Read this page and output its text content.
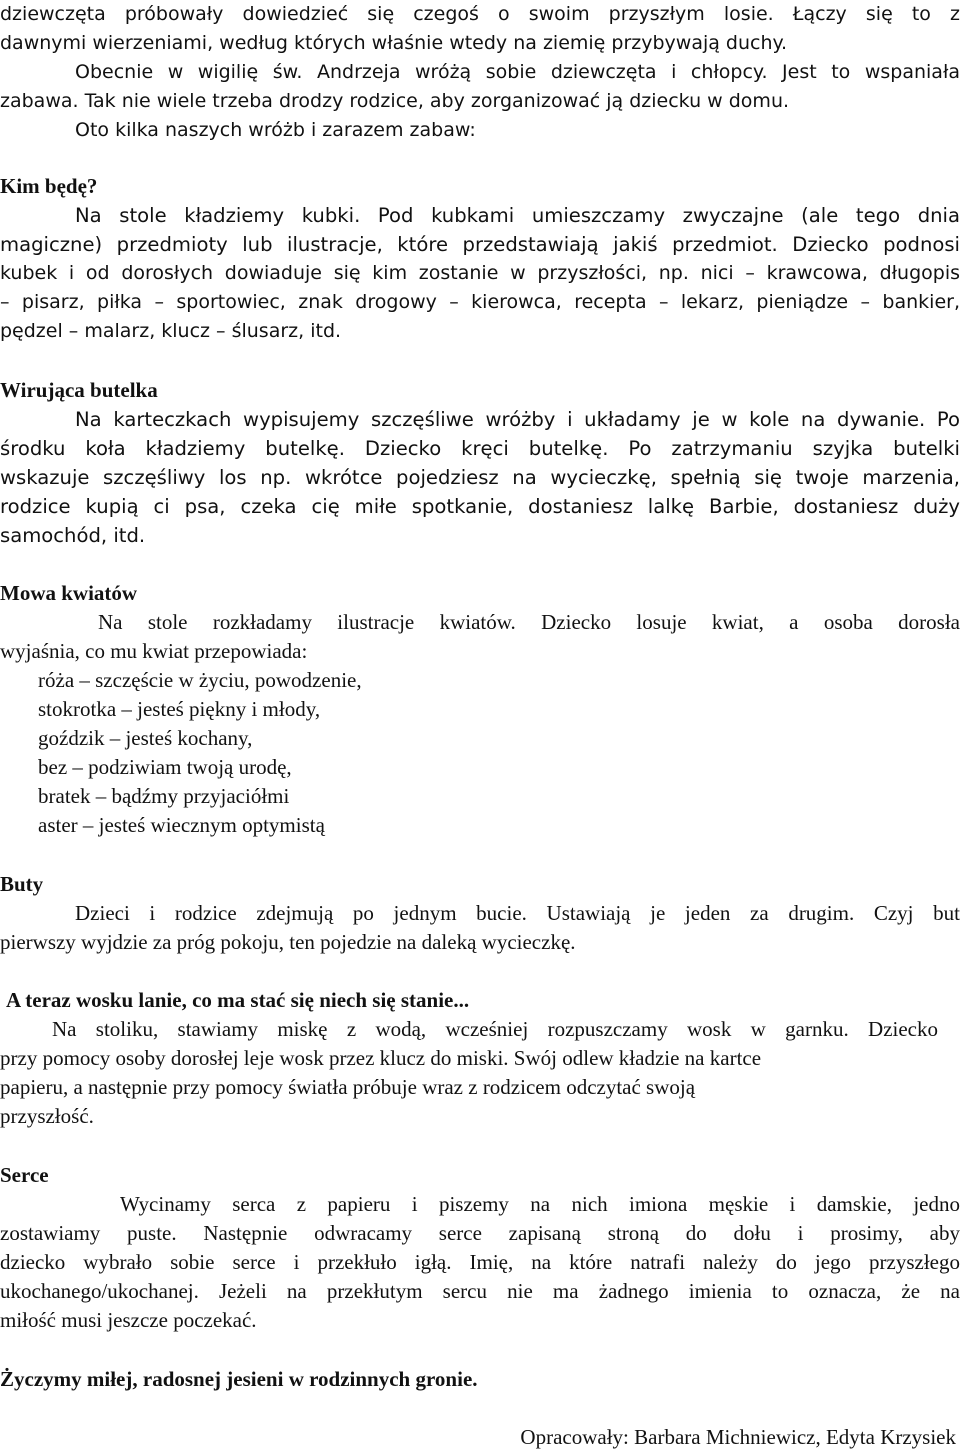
dziewczęta próbowały dowiedzieć się czegoś o swoim przyszłym losie. Łączy się to z
dawnymi wierzeniami, według których właśnie wtedy na ziemię przybywają duchy.
Obecnie w wigilię św. Andrzeja wróżą sobie dziewczęta i chłopcy. Jest to wspaniała
zabawa. Tak nie wiele trzeba drodzy rodzice, aby zorganizować ją dziecku w domu.
Oto kilka naszych wróżb i zarazem zabaw:
Kim będę?
Na stole kładziemy kubki. Pod kubkami umieszczamy zwyczajne (ale tego dnia
magiczne) przedmioty lub ilustracje, które przedstawiają jakiś przedmiot. Dziecko podnosi
kubek i od dorosłych dowiaduje się kim zostanie w przyszłości, np. nici – krawcowa, długopis
– pisarz, piłka – sportowiec, znak drogowy – kierowca, recepta – lekarz, pieniądze – bankier,
pędzel – malarz, klucz – ślusarz, itd.
Wirująca butelka
Na karteczkach wypisujemy szczęśliwe wróżby i układamy je w kole na dywanie. Po
środku koła kładziemy butelkę. Dziecko kręci butelkę. Po zatrzymaniu szyjka butelki
wskazuje szczęśliwy los np. wkrótce pojedziesz na wycieczkę, spełnią się twoje marzenia,
rodzice kupią ci psa, czeka cię miłe spotkanie, dostaniesz lalkę Barbie, dostaniesz duży
samochód, itd.
Mowa kwiatów
Na stole rozkładamy ilustracje kwiatów. Dziecko losuje kwiat, a osoba dorosła
wyjaśnia, co mu kwiat przepowiada:
róża – szczęście w życiu, powodzenie,
stokrotka – jesteś piękny i młody,
goździk – jesteś kochany,
bez – podziwiam twoją urodę,
bratek – bądźmy przyjaciółmi
aster – jesteś wiecznym optymistą
Buty
Dzieci i rodzice zdejmują po jednym bucie. Ustawiają je jeden za drugim. Czyj but
pierwszy wyjdzie za próg pokoju, ten pojedzie na daleką wycieczkę.
A teraz wosku lanie, co ma stać się niech się stanie...
Na stoliku, stawiamy miskę z wodą, wcześniej rozpuszczamy wosk w garnku. Dziecko
przy pomocy osoby dorosłej leje wosk przez klucz do miski. Swój odlew kładzie na kartce
papieru, a następnie przy pomocy światła próbuje wraz z rodzicem odczytać swoją
przyszłość.
Serce
Wycinamy serca z papieru i piszemy na nich imiona męskie i damskie, jedno
zostawiamy puste. Następnie odwracamy serce zapisaną stroną do dołu i prosimy, aby
dziecko wybrało sobie serce i przekłuło igłą. Imię, na które natrafi należy do jego przyszłego
ukochanego/ukochanej. Jeżeli na przekłutym sercu nie ma żadnego imienia to oznacza, że na
miłość musi jeszcze poczekać.
Życzymy miłej, radosnej jesieni w rodzinnych gronie.
Opracowały: Barbara Michniewicz, Edyta Krzysiek
